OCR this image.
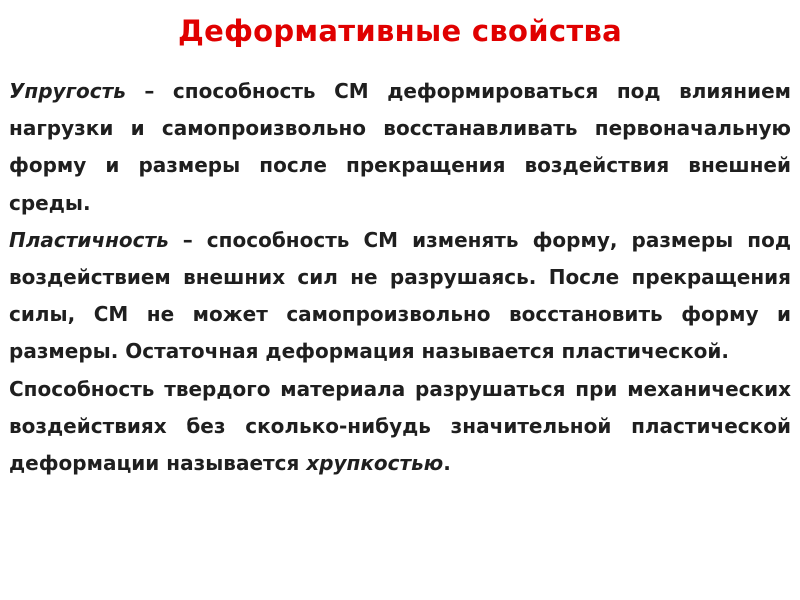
Деформативные свойства

Упругость – способность СМ деформироваться под влиянием нагрузки и самопроизвольно восстанавливать первоначальную форму и размеры после прекращения воздействия внешней среды.

Пластичность – способность СМ изменять форму, размеры под воздействием внешних сил не разрушаясь. После прекращения силы, СМ не может самопроизвольно восстановить форму и размеры. Остаточная деформация называется пластической.

Способность твердого материала разрушаться при механических воздействиях без сколько-нибудь значительной пластической деформации называется хрупкостью.
